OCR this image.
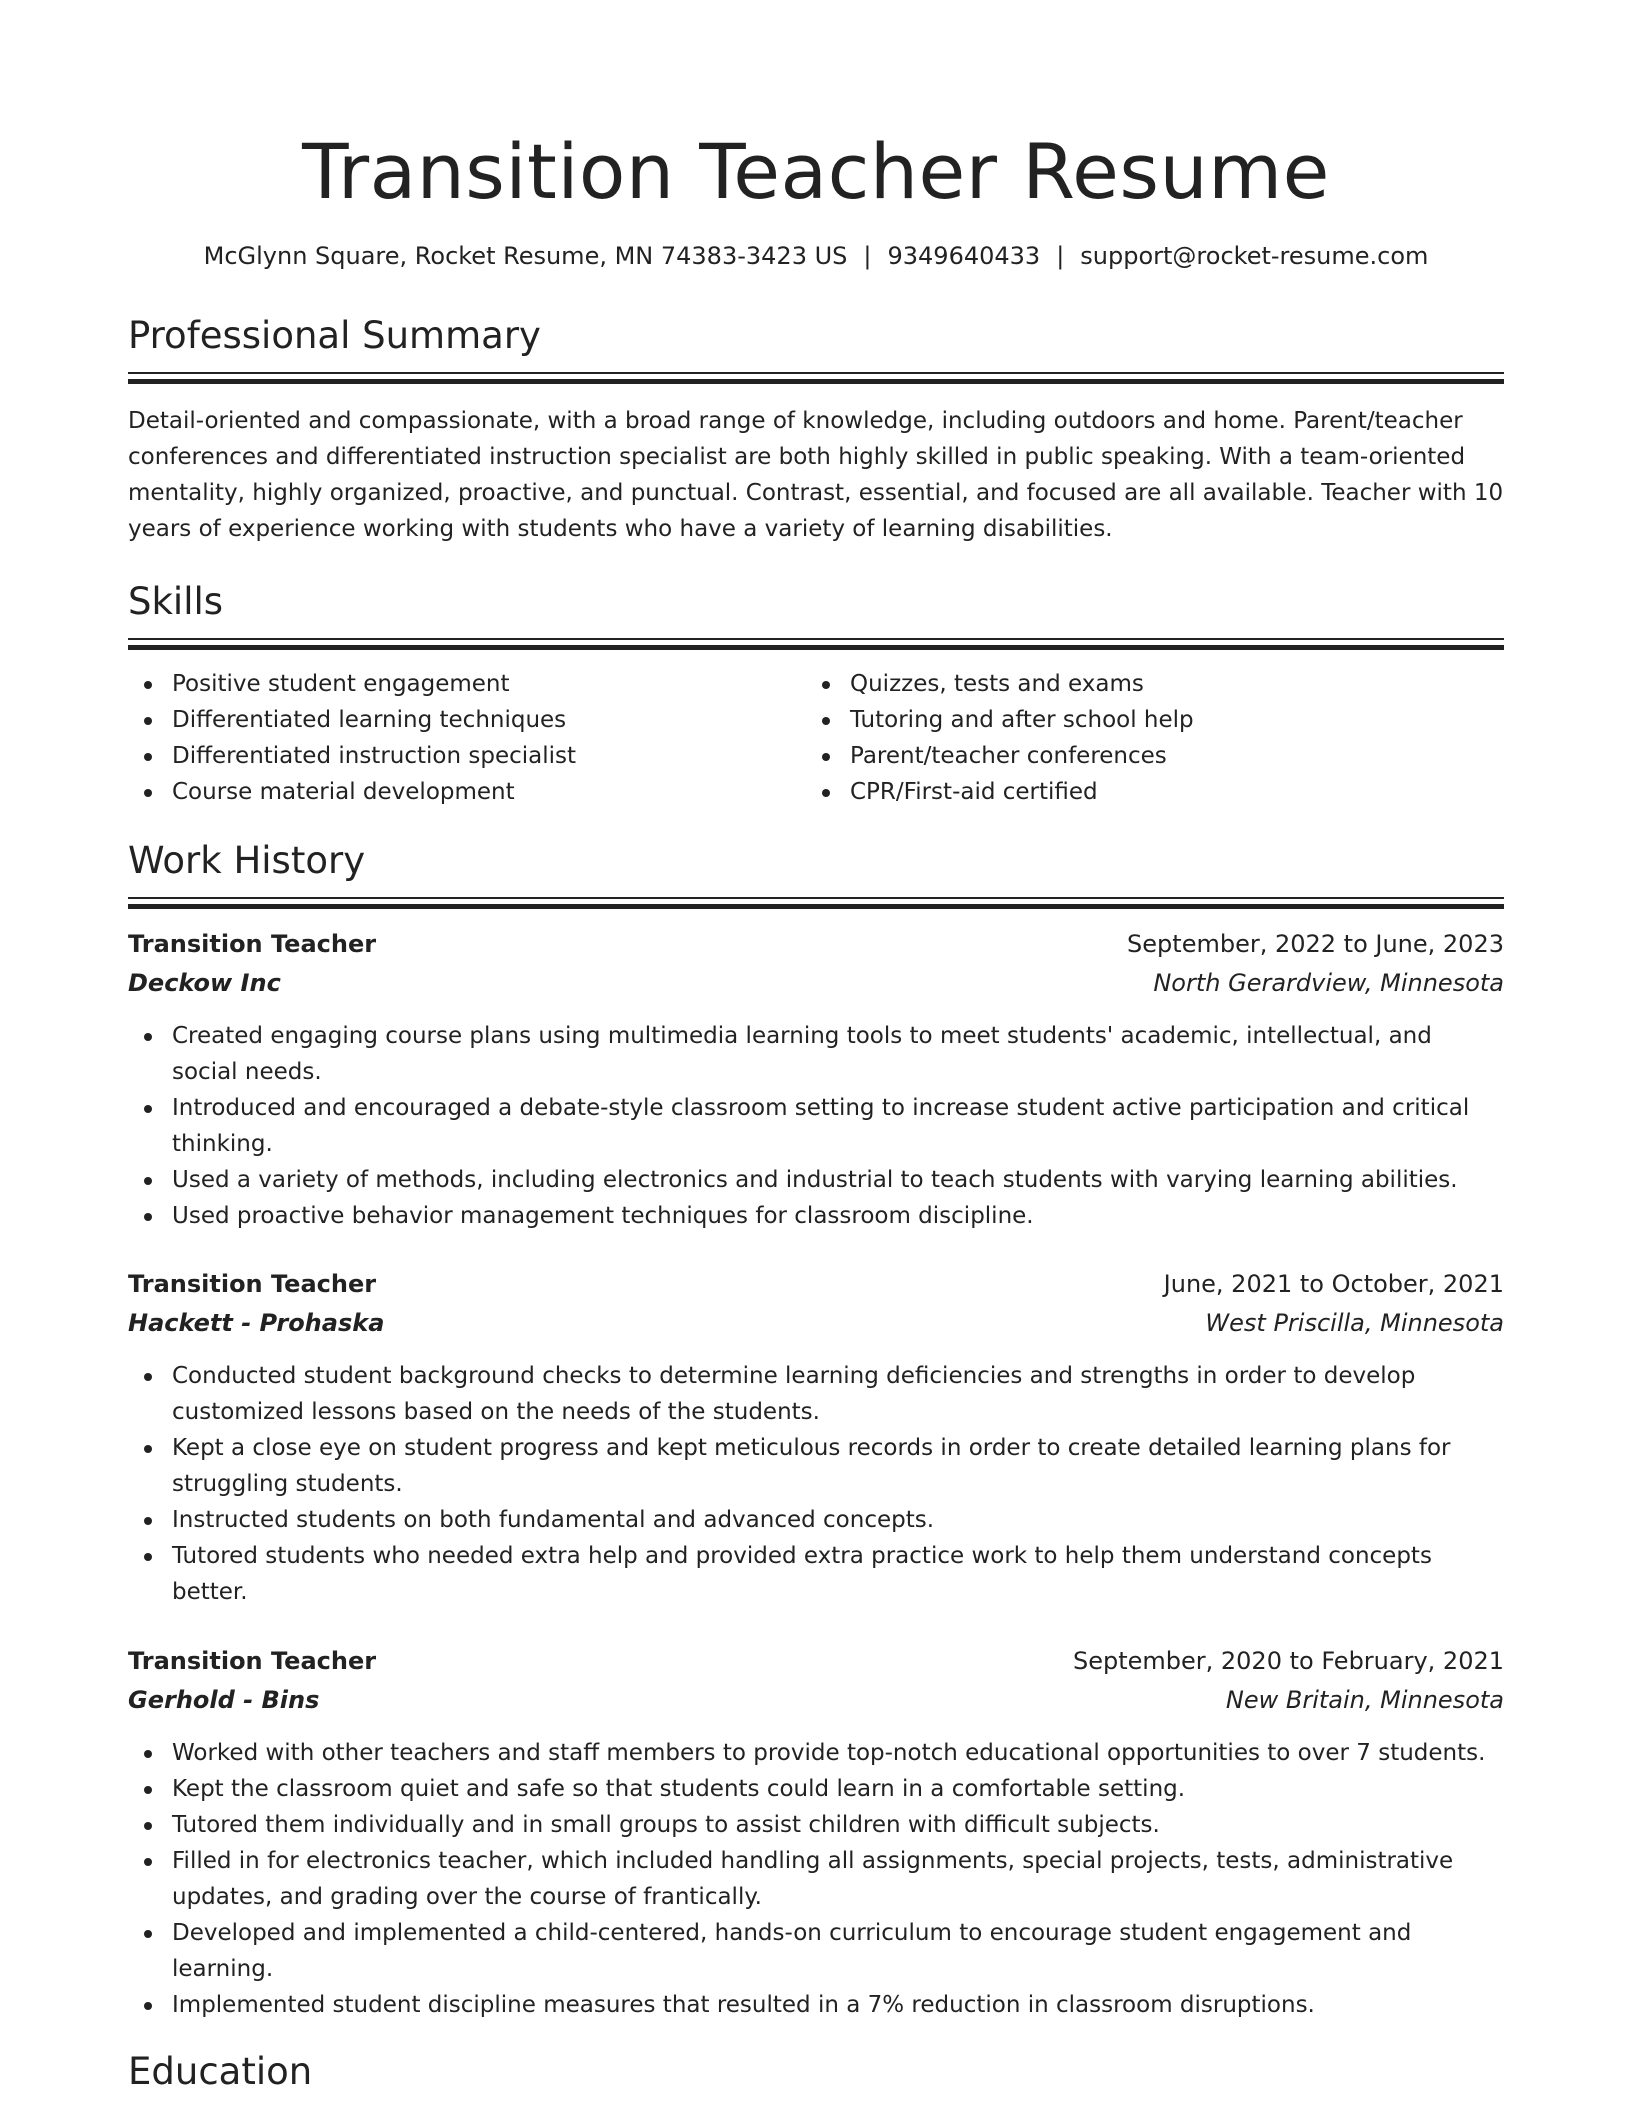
Transition Teacher Resume
McGlynn Square, Rocket Resume, MN 74383-3423 US | 9349640433 | support@rocket-resume.com
Professional Summary

Detail-oriented and compassionate, with a broad range of knowledge, including outdoors and home. Parent/teacher conferences and differentiated instruction specialist are both highly skilled in public speaking. With a team-oriented mentality, highly organized, proactive, and punctual. Contrast, essential, and focused are all available. Teacher with 10 years of experience working with students who have a variety of learning disabilities.

Skills
Positive student engagement
Differentiated learning techniques
Differentiated instruction specialist
Course material development
Quizzes, tests and exams
Tutoring and after school help
Parent/teacher conferences
CPR/First-aid certified
Work History
Transition Teacher	September, 2022 to June, 2023
Deckow Inc	North Gerardview, Minnesota
Created engaging course plans using multimedia learning tools to meet students' academic, intellectual, and social needs.
Introduced and encouraged a debate-style classroom setting to increase student active participation and critical thinking.
Used a variety of methods, including electronics and industrial to teach students with varying learning abilities.
Used proactive behavior management techniques for classroom discipline.
Transition Teacher	June, 2021 to October, 2021
Hackett - Prohaska	West Priscilla, Minnesota
Conducted student background checks to determine learning deficiencies and strengths in order to develop customized lessons based on the needs of the students.
Kept a close eye on student progress and kept meticulous records in order to create detailed learning plans for struggling students.
Instructed students on both fundamental and advanced concepts.
Tutored students who needed extra help and provided extra practice work to help them understand concepts better.
Transition Teacher	September, 2020 to February, 2021
Gerhold - Bins	New Britain, Minnesota
Worked with other teachers and staff members to provide top-notch educational opportunities to over 7 students.
Kept the classroom quiet and safe so that students could learn in a comfortable setting.
Tutored them individually and in small groups to assist children with difficult subjects.
Filled in for electronics teacher, which included handling all assignments, special projects, tests, administrative updates, and grading over the course of frantically.
Developed and implemented a child-centered, hands-on curriculum to encourage student engagement and learning.
Implemented student discipline measures that resulted in a 7% reduction in classroom disruptions.
Education
